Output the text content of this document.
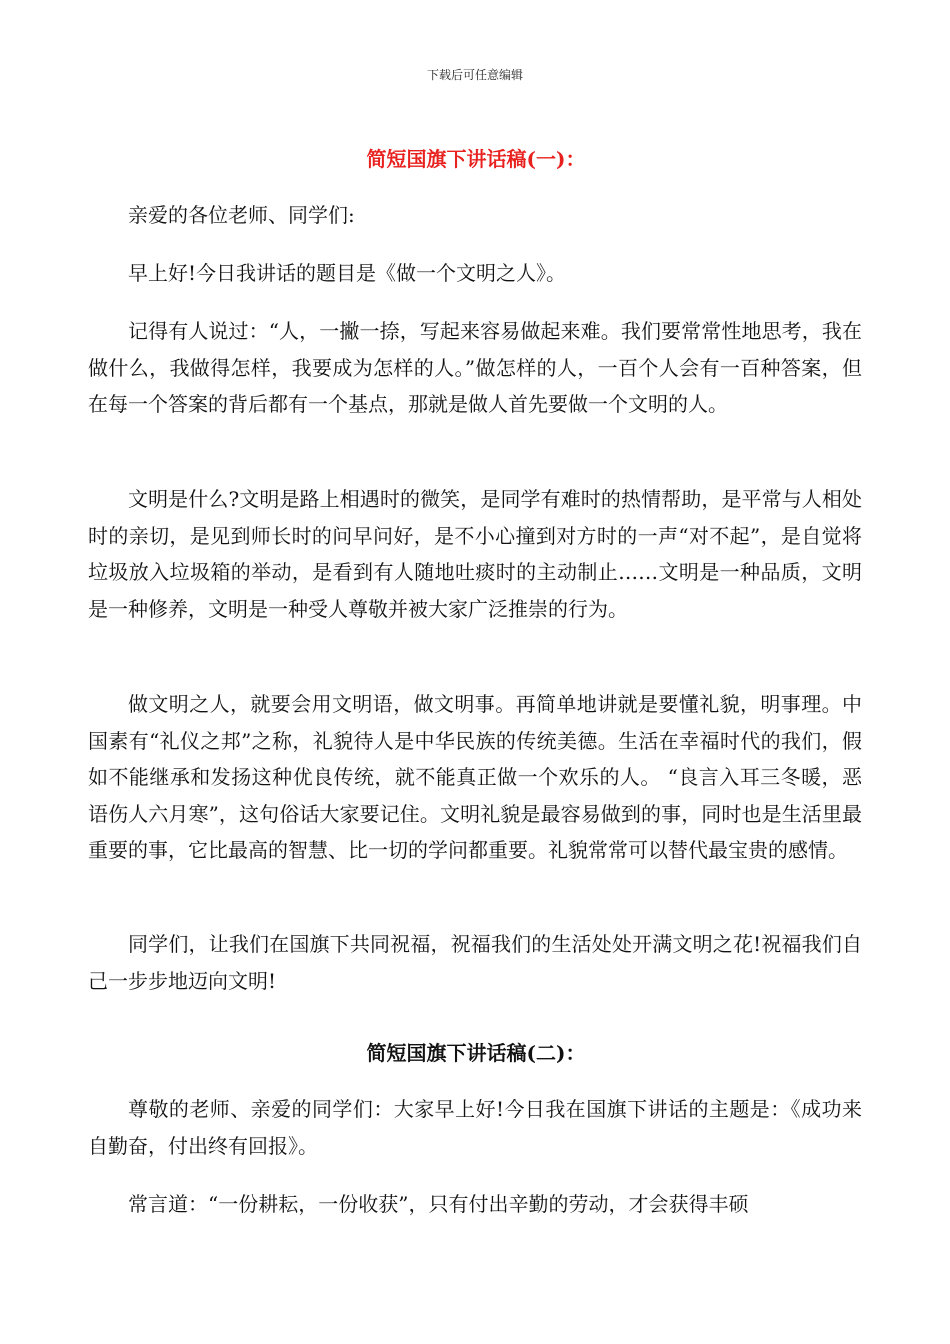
下载后可任意编辑
简短国旗下讲话稿(一)：

亲爱的各位老师、同学们:

早上好!今日我讲话的题目是《做一个文明之人》。

记得有人说过：“人，一撇一捺，写起来容易做起来难。我们要常常性地思考，我在做什么，我做得怎样，我要成为怎样的人。”做怎样的人，一百个人会有一百种答案，但在每一个答案的背后都有一个基点，那就是做人首先要做一个文明的人。

文明是什么?文明是路上相遇时的微笑，是同学有难时的热情帮助，是平常与人相处时的亲切，是见到师长时的问早问好，是不小心撞到对方时的一声“对不起”，是自觉将垃圾放入垃圾箱的举动，是看到有人随地吐痰时的主动制止……文明是一种品质，文明是一种修养，文明是一种受人尊敬并被大家广泛推崇的行为。

做文明之人，就要会用文明语，做文明事。再简单地讲就是要懂礼貌，明事理。中国素有“礼仪之邦”之称，礼貌待人是中华民族的传统美德。生活在幸福时代的我们，假如不能继承和发扬这种优良传统，就不能真正做一个欢乐的人。 “良言入耳三冬暖，恶语伤人六月寒”，这句俗话大家要记住。文明礼貌是最容易做到的事，同时也是生活里最重要的事，它比最高的智慧、比一切的学问都重要。礼貌常常可以替代最宝贵的感情。

同学们，让我们在国旗下共同祝福，祝福我们的生活处处开满文明之花!祝福我们自己一步步地迈向文明!

简短国旗下讲话稿(二)：

尊敬的老师、亲爱的同学们：大家早上好!今日我在国旗下讲话的主题是：《成功来自勤奋，付出终有回报》。

常言道：“一份耕耘，一份收获”，只有付出辛勤的劳动，才会获得丰硕
